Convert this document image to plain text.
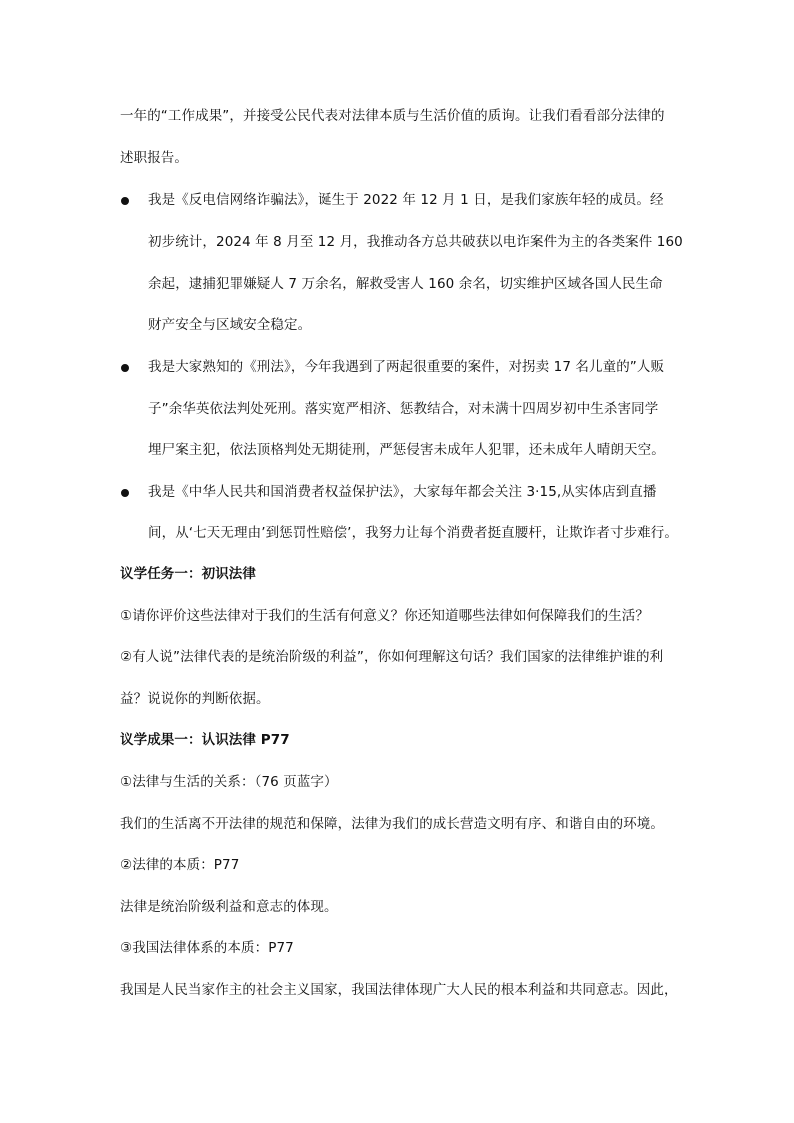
一年的“工作成果”，并接受公民代表对法律本质与生活价值的质询。让我们看看部分法律的
述职报告。
我是《反电信网络诈骗法》，诞生于 2022 年 12 月 1 日，是我们家族年轻的成员。经
初步统计，2024 年 8 月至 12 月，我推动各方总共破获以电诈案件为主的各类案件 160
余起，逮捕犯罪嫌疑人 7 万余名，解救受害人 160 余名，切实维护区域各国人民生命
财产安全与区域安全稳定。
我是大家熟知的《刑法》，今年我遇到了两起很重要的案件，对拐卖 17 名儿童的”人贩
子”余华英依法判处死刑。落实宽严相济、惩教结合，对未满十四周岁初中生杀害同学
埋尸案主犯，依法顶格判处无期徒刑，严惩侵害未成年人犯罪，还未成年人晴朗天空。
我是《中华人民共和国消费者权益保护法》，大家每年都会关注 3·15,从实体店到直播
间，从‘七天无理由’到惩罚性赔偿’，我努力让每个消费者挺直腰杆，让欺诈者寸步难行。
议学任务一：初识法律
①请你评价这些法律对于我们的生活有何意义？你还知道哪些法律如何保障我们的生活？
②有人说”法律代表的是统治阶级的利益”，你如何理解这句话？我们国家的法律维护谁的利
益？说说你的判断依据。
议学成果一：认识法律 P77
①法律与生活的关系：（76 页蓝字）
我们的生活离不开法律的规范和保障，法律为我们的成长营造文明有序、和谐自由的环境。
②法律的本质：P77
法律是统治阶级利益和意志的体现。
③我国法律体系的本质：P77
我国是人民当家作主的社会主义国家，我国法律体现广大人民的根本利益和共同意志。因此，
